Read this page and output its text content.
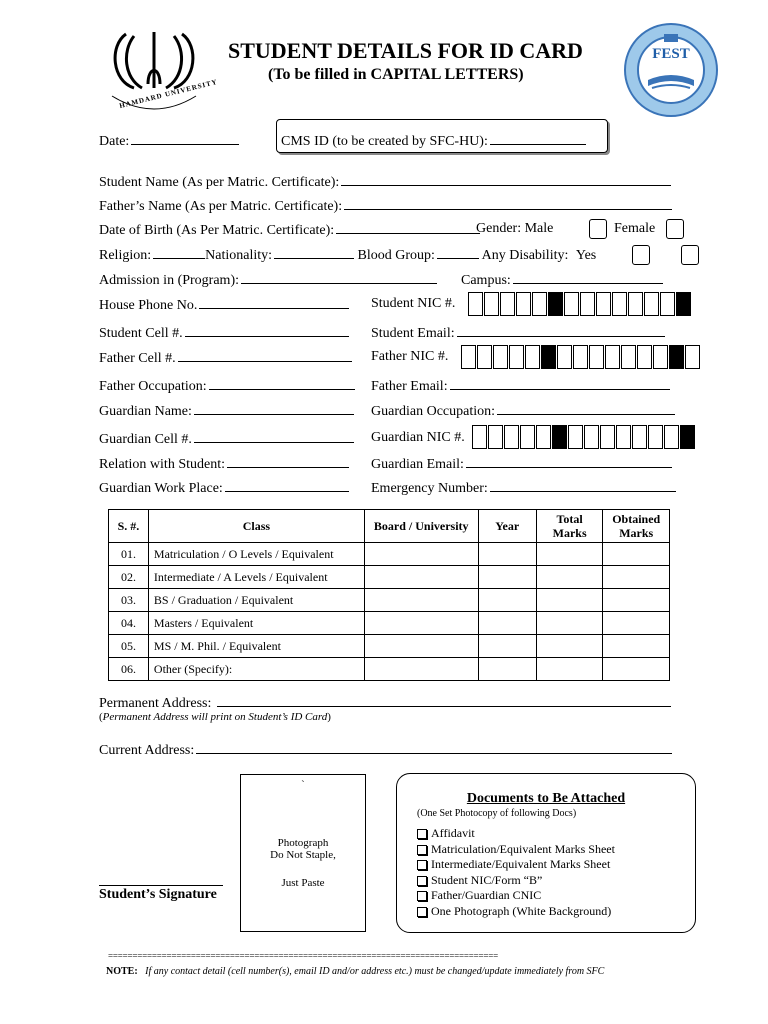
HAMDARD UNIVERSITY
FEST
STUDENT DETAILS FOR ID CARD
(To be filled in CAPITAL LETTERS)
Date:	CMS ID (to be created by SFC-HU):
Student Name (As per Matric. Certificate):
Father’s Name (As per Matric. Certificate):
Date of Birth (As Per Matric. Certificate):	Gender: Male	Female
Religion:	Nationality:	Blood Group:	Any Disability: Yes
Admission in (Program):	Campus:
House Phone No.	Student NIC #.
Student Cell #.	Student Email:
Father Cell #.	Father NIC #.
Father Occupation:	Father Email:
Guardian Name:	Guardian Occupation:
Guardian Cell #.	Guardian NIC #.
Relation with Student:	Guardian Email:
Guardian Work Place:	Emergency Number:
S. #.	Class	Board / University	Year	Total Marks	Obtained Marks
01.	Matriculation / O Levels / Equivalent				
02.	Intermediate / A Levels / Equivalent				
03.	BS / Graduation / Equivalent				
04.	Masters / Equivalent				
05.	MS / M. Phil. / Equivalent				
06.	Other (Specify):				
Permanent Address:
(Permanent Address will print on Student’s ID Card)
Current Address:
Student’s Signature
`
Photograph
Do Not Staple,
Just Paste
Documents to Be Attached
(One Set Photocopy of following Docs)
Affidavit
Matriculation/Equivalent Marks Sheet
Intermediate/Equivalent Marks Sheet
Student NIC/Form “B”
Father/Guardian CNIC
One Photograph (White Background)
================================================================================
NOTE: If any contact detail (cell number(s), email ID and/or address etc.) must be changed/update immediately from SFC
